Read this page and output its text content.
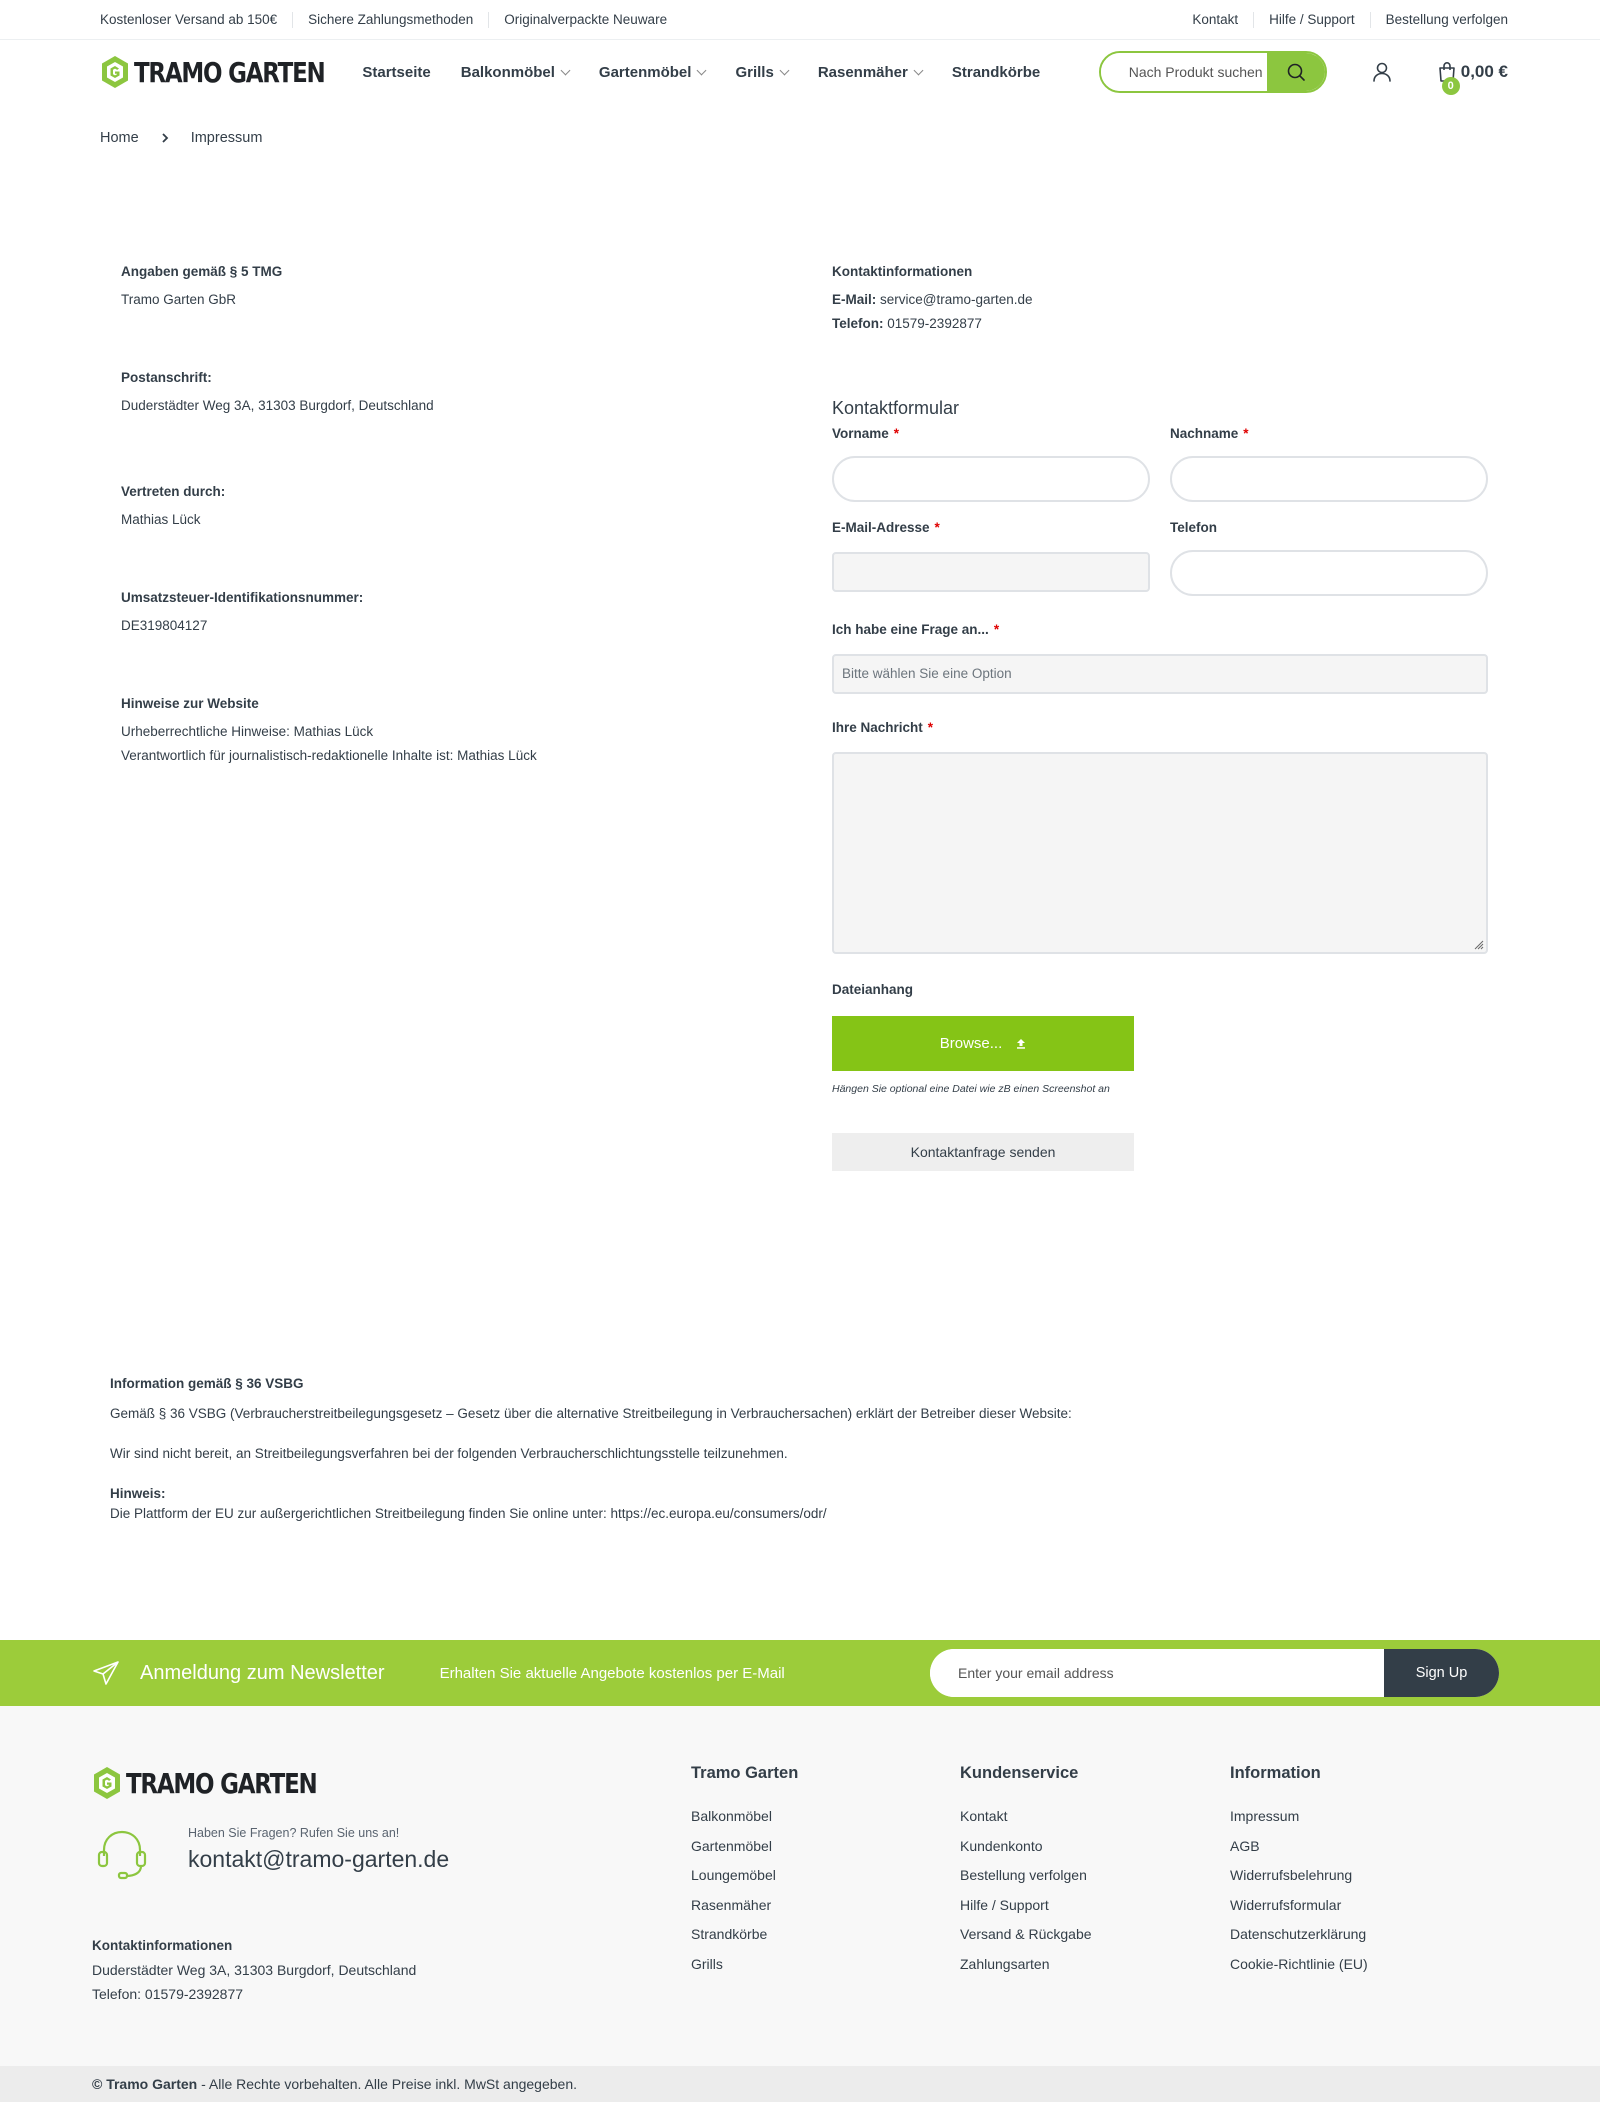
Kostenloser Versand ab 150€	Sichere Zahlungsmethoden	Originalverpackte Neuware	Kontakt	Hilfe / Support	Bestellung verfolgen
TRAMO GARTEN	Startseite Balkonmöbel	Gartenmöbel	Grills	Rasenmäher	Strandkörbe
Nach Produkt suchen
0
0,00 €
Home	Impressum
Angaben gemäß § 5 TMG
Tramo Garten GbR
Postanschrift:
Duderstädter Weg 3A, 31303 Burgdorf, Deutschland
Vertreten durch:
Mathias Lück
Umsatzsteuer-Identifikationsnummer:
DE319804127
Hinweise zur Website
Urheberrechtliche Hinweise: Mathias Lück
Verantwortlich für journalistisch-redaktionelle Inhalte ist: Mathias Lück
Kontaktinformationen
E-Mail: service@tramo-garten.de
Telefon: 01579-2392877
Kontaktformular
Vorname *	Nachname *
E-Mail-Adresse *	Telefon
Ich habe eine Frage an... *
Bitte wählen Sie eine Option
Ihre Nachricht *
Dateianhang
Browse...
Hängen Sie optional eine Datei wie zB einen Screenshot an
Kontaktanfrage senden
Information gemäß § 36 VSBG

Gemäß § 36 VSBG (Verbraucherstreitbeilegungsgesetz – Gesetz über die alternative Streitbeilegung in Verbrauchersachen) erklärt der Betreiber dieser Website:

Wir sind nicht bereit, an Streitbeilegungsverfahren bei der folgenden Verbraucherschlichtungsstelle teilzunehmen.

Hinweis:

Die Plattform der EU zur außergerichtlichen Streitbeilegung finden Sie online unter: https://ec.europa.eu/consumers/odr/

Anmeldung zum Newsletter	Erhalten Sie aktuelle Angebote kostenlos per E-Mail
Enter your email address	Sign Up
TRAMO GARTEN
Haben Sie Fragen? Rufen Sie uns an!
kontakt@tramo-garten.de
Kontaktinformationen
Duderstädter Weg 3A, 31303 Burgdorf, Deutschland
Telefon: 01579-2392877
Tramo Garten
Balkonmöbel
Gartenmöbel
Loungemöbel
Rasenmäher
Strandkörbe
Grills
Kundenservice
Kontakt
Kundenkonto
Bestellung verfolgen
Hilfe / Support
Versand & Rückgabe
Zahlungsarten
Information
Impressum
AGB
Widerrufsbelehrung
Widerrufsformular
Datenschutzerklärung
Cookie-Richtlinie (EU)
© Tramo Garten - Alle Rechte vorbehalten. Alle Preise inkl. MwSt angegeben.
